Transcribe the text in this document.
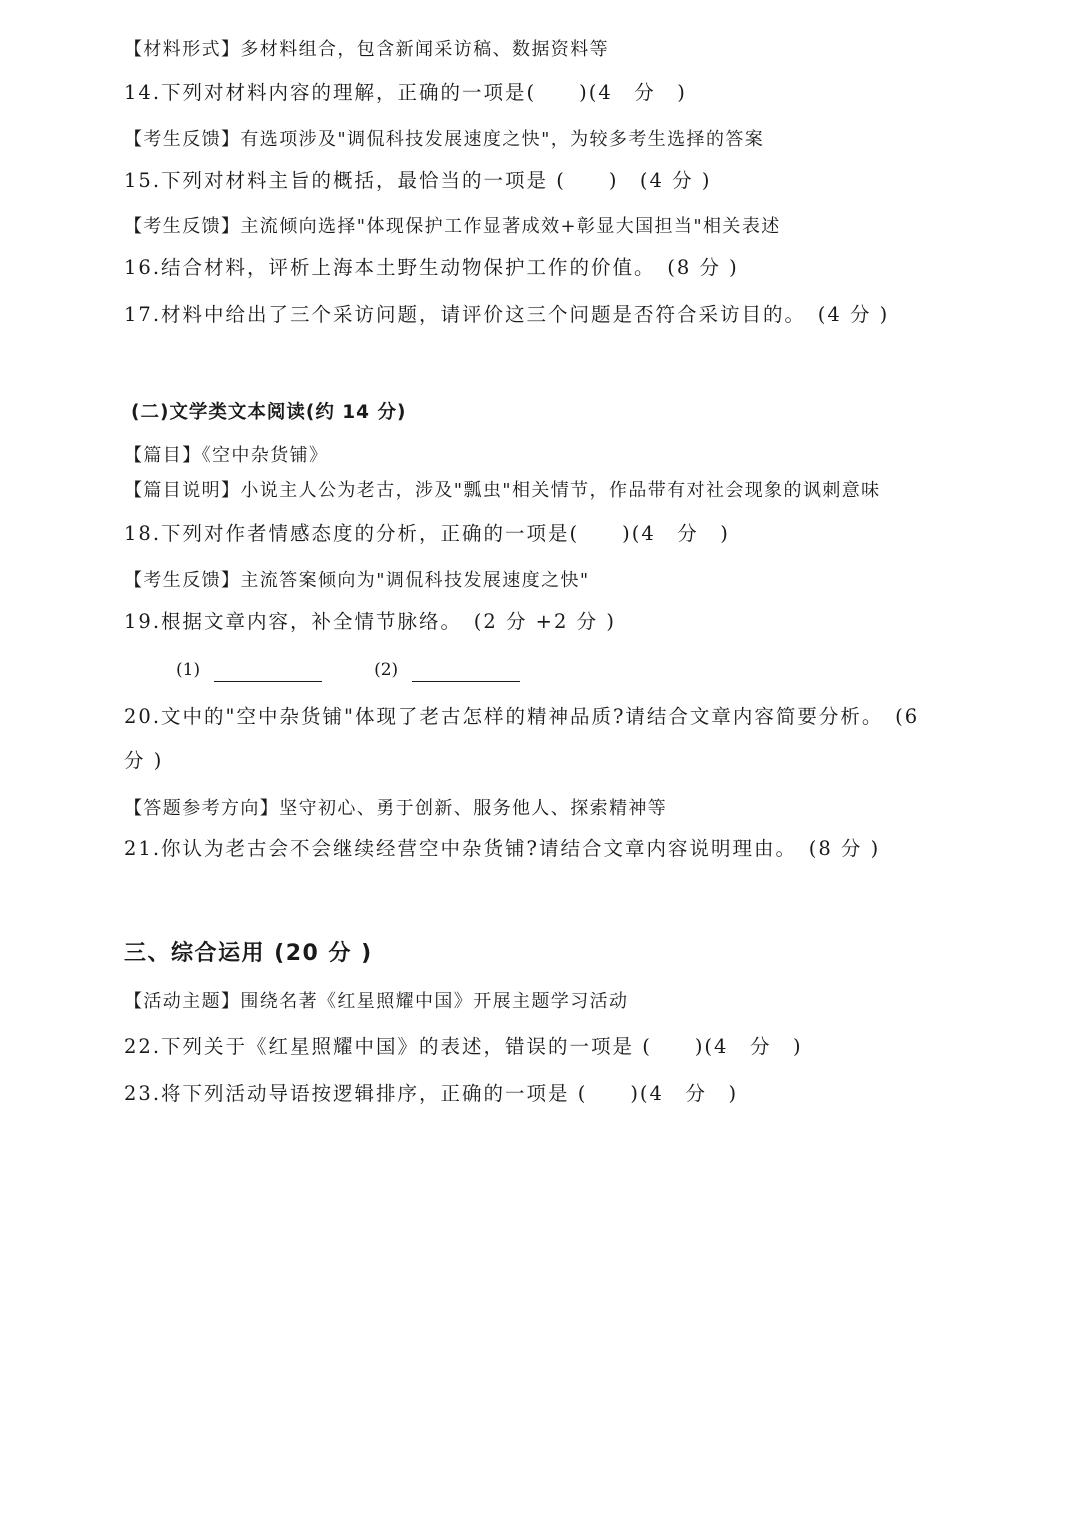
【材料形式】多材料组合，包含新闻采访稿、数据资料等
14.下列对材料内容的理解，正确的一项是(　　)(4　分　)
【考生反馈】有选项涉及"调侃科技发展速度之快"，为较多考生选择的答案
15.下列对材料主旨的概括，最恰当的一项是 (　　)　(4 分 )
【考生反馈】主流倾向选择"体现保护工作显著成效+彰显大国担当"相关表述
16.结合材料，评析上海本土野生动物保护工作的价值。　(8 分 )
17.材料中给出了三个采访问题，请评价这三个问题是否符合采访目的。　(4 分 )
(二)文学类文本阅读(约 14 分)
【篇目】《空中杂货铺》
【篇目说明】小说主人公为老古，涉及"瓢虫"相关情节，作品带有对社会现象的讽刺意味
18.下列对作者情感态度的分析，正确的一项是(　　)(4　分　)
【考生反馈】主流答案倾向为"调侃科技发展速度之快"
19.根据文章内容，补全情节脉络。　(2 分 +2 分 )
(1)	(2)
20.文中的"空中杂货铺"体现了老古怎样的精神品质?请结合文章内容简要分析。　(6
分 )
【答题参考方向】坚守初心、勇于创新、服务他人、探索精神等
21.你认为老古会不会继续经营空中杂货铺?请结合文章内容说明理由。　(8 分 )
三、综合运用 (20 分 )
【活动主题】围绕名著《红星照耀中国》开展主题学习活动
22.下列关于《红星照耀中国》的表述，错误的一项是 (　　)(4　分　)
23.将下列活动导语按逻辑排序，正确的一项是 (　　)(4　分　)
